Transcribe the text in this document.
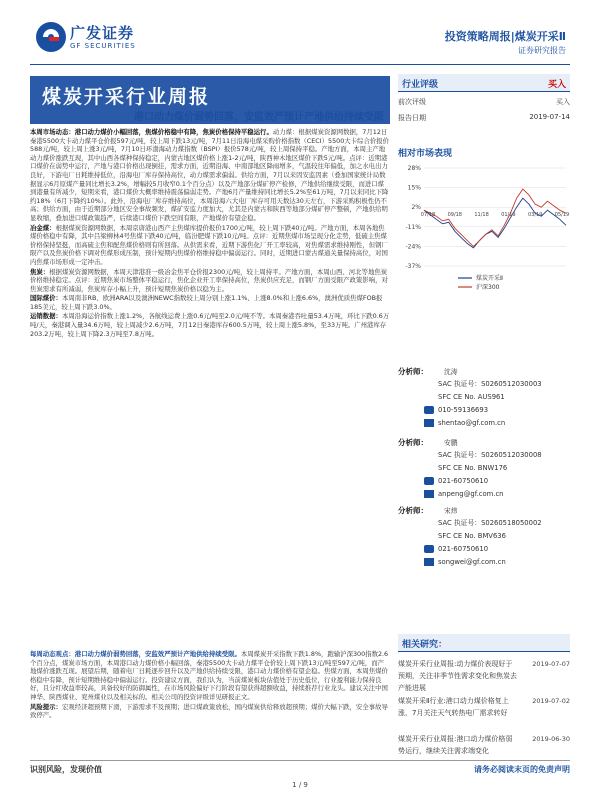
广发证券
GF SECURITIES
投资策略周报|煤炭开采Ⅱ
证券研究报告
煤炭开采行业周报
港口动力煤价弱势回落，安监效严预计产地供给持续受限

本周市场动态：港口动力煤价小幅回落，焦煤价格稳中有降，焦炭价格保持平稳运行。动力煤：根据煤炭资源网数据，7月12日秦港5500大卡动力煤平仓价报597元/吨，较上周下跌13元/吨，7月11日沿海电煤采购价格指数（CECI）5500大卡综合价报价588元/吨，较上周上涨3元/吨，7月10日环渤海动力煤指数（BSPI）报价578元/吨，较上周保持平稳。产地方面，本周主产地动力煤价涨跌互现，其中山西各煤种保持稳定，内蒙古地区煤价格上涨1-2元/吨，陕西神木地区煤价下跌5元/吨。点评：近期港口煤价在弱势中运行，产地与港口价格出现倒挂，需求方面，近期沿海、中南部地区降雨增多，气温较往年偏低，加之水电出力良好，下游电厂日耗维持低位，沿海电厂库存保持高位，动力煤需求偏弱。供给方面，7月以来因安监因素（叠加国家统计局数据显示6月原煤产量同比增长3.2%，增幅较5月收窄0.1个百分点）以及产地部分煤矿停产检修，产地供给继续受限，而进口煤到港量有所减少，短期来看，港口煤价大概率维持震荡偏弱走势。产地6月产量维持同比增长5.2%至61万吨，7月以来同比下降约18%（6月下降约10%）。此外，沿海电厂库存维持高位，本周沿海六大电厂库存可用天数达30天左右，下游采购积极性仍不高；供给方面，由于近期部分地区安全事故频发，煤矿安监力度加大，尤其是内蒙古和陕西等地部分煤矿停产整顿，产地供给明显收缩，叠加进口煤政策趋严，后续港口煤价下跌空间有限，产地煤价有望企稳。

冶金煤：根据煤炭资源网数据，本周京唐港山西产主焦煤库提价报价1700元/吨，较上周下跌40元/吨。产地方面，本周各地焦煤价格稳中有降，其中吕梁柳林4号焦煤下跌40元/吨，临汾肥煤下跌10元/吨。点评：近期焦煤市场呈现分化走势，低硫主焦煤价格保持坚挺，而高硫主焦和配焦煤价格则有所回落。从供需来看，近期下游焦化厂开工率较高，对焦煤需求维持刚性，但钢厂限产以及焦炭价格下调对焦煤形成压制，预计短期内焦煤价格维持稳中偏弱运行。同时，近期进口蒙古煤通关量保持高位，对国内焦煤市场形成一定冲击。

焦炭：根据煤炭资源网数据，本周天津港准一级冶金焦平仓价报2300元/吨，较上周持平。产地方面，本周山西、河北等地焦炭价格维持稳定。点评：近期焦炭市场整体平稳运行，焦化企业开工率保持高位，焦炭供应充足，而钢厂方面受限产政策影响，对焦炭需求有所减弱，焦炭库存小幅上升，预计短期焦炭价格以稳为主。

国际煤价：本周南非RB、欧洲ARA以及澳洲NEWC指数较上周分别上涨1.1%、上涨8.0%和上涨6.6%，澳洲优质焦煤FOB报185美元，较上周下跌3.0%。

运销数据：本周沿海运价指数上涨1.2%，各航线运费上涨0.6元/吨至2.0元/吨不等。本周秦港吞吐量53.4万吨，环比下跌0.6万吨/天，秦港调入量34.6万吨，较上周减少2.6万吨，7月12日秦港库存600.5万吨，较上周上涨5.8%，至33万吨。广州港库存203.2万吨，较上周下降2.3万吨至7.8万吨。

每周动态观点：港口动力煤价弱势回落，安监效严预计产地供给持续受限。本周煤炭开采指数下跌1.8%，跑输沪深300指数2.6个百分点，煤炭市场方面，本周港口动力煤价格小幅回落，秦港5500大卡动力煤平仓价较上周下跌13元/吨至597元/吨，而产地煤价涨跌互现。展望后期，随着电厂日耗逐步回升以及产地供给持续受限，港口动力煤价格有望企稳。焦煤方面，本周焦煤价格稳中有降，预计短期维持稳中偏弱运行。投资建议方面，我们认为，当前煤炭板块估值处于历史低位，行业盈利能力保持良好，且分红收益率较高，具备较好的防御属性，在市场风险偏好下行阶段有望获得超额收益，持续推荐行业龙头。建议关注中国神华、陕西煤业、兖州煤业以及相关标的。相关公司的投资评级详见研报正文。

风险提示：宏观经济超预期下滑，下游需求不及预期；进口煤政策放松，国内煤炭供给释放超预期；煤价大幅下跌，安全事故导致停产。

行业评级	买入
前次评级	买入
报告日期	2019-07-14
相对市场表现
28%
15%
2%
-11%
-24%
-37%
07/18 09/18 11/18 01/19 03/19 05/19
煤炭开采Ⅱ
沪深300
分析师： 沈涛
SAC 执证号：S0260512030003
SFC CE No. AUS961
010-59136693
shentao@gf.com.cn
分析师： 安鹏
SAC 执证号：S0260512030008
SFC CE No. BNW176
021-60750610
anpeng@gf.com.cn
分析师： 宋炜
SAC 执证号：S0260518050002
SFC CE No. BMV636
021-60750610
songwei@gf.com.cn
相关研究：
煤炭开采行业周报:动力煤价表现好于预期，关注非季节性需求变化和焦炭去产能进展
2019-07-07
煤炭开采Ⅱ行业:港口动力煤价格复上涨，7月关注天气转热电厂需求转好
2019-07-02
煤炭开采行业周报:港口动力煤价格弱势运行，继续关注需求端变化
2019-06-30
识别风险，发现价值	请务必阅读末页的免责声明
1 / 9
